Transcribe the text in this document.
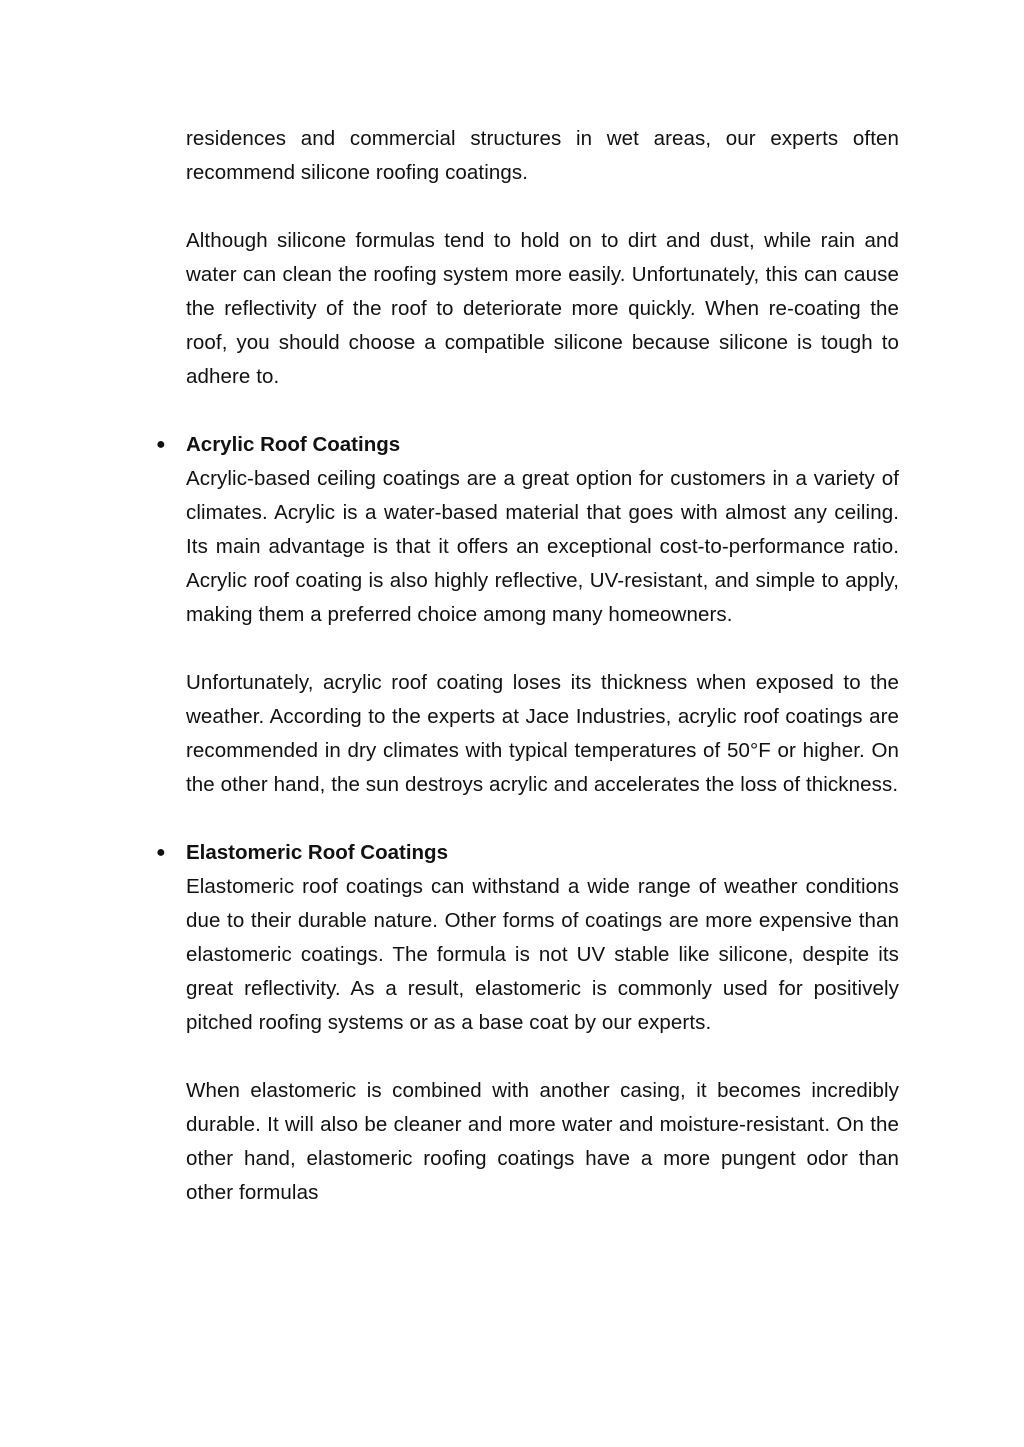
residences and commercial structures in wet areas, our experts often recommend silicone roofing coatings.

Although silicone formulas tend to hold on to dirt and dust, while rain and water can clean the roofing system more easily. Unfortunately, this can cause the reflectivity of the roof to deteriorate more quickly. When re-coating the roof, you should choose a compatible silicone because silicone is tough to adhere to.

● Acrylic Roof Coatings

Acrylic-based ceiling coatings are a great option for customers in a variety of climates. Acrylic is a water-based material that goes with almost any ceiling. Its main advantage is that it offers an exceptional cost-to-performance ratio. Acrylic roof coating is also highly reflective, UV-resistant, and simple to apply, making them a preferred choice among many homeowners.

Unfortunately, acrylic roof coating loses its thickness when exposed to the weather. According to the experts at Jace Industries, acrylic roof coatings are recommended in dry climates with typical temperatures of 50°F or higher. On the other hand, the sun destroys acrylic and accelerates the loss of thickness.

● Elastomeric Roof Coatings

Elastomeric roof coatings can withstand a wide range of weather conditions due to their durable nature. Other forms of coatings are more expensive than elastomeric coatings. The formula is not UV stable like silicone, despite its great reflectivity. As a result, elastomeric is commonly used for positively pitched roofing systems or as a base coat by our experts.

When elastomeric is combined with another casing, it becomes incredibly durable. It will also be cleaner and more water and moisture-resistant. On the other hand, elastomeric roofing coatings have a more pungent odor than other formulas
